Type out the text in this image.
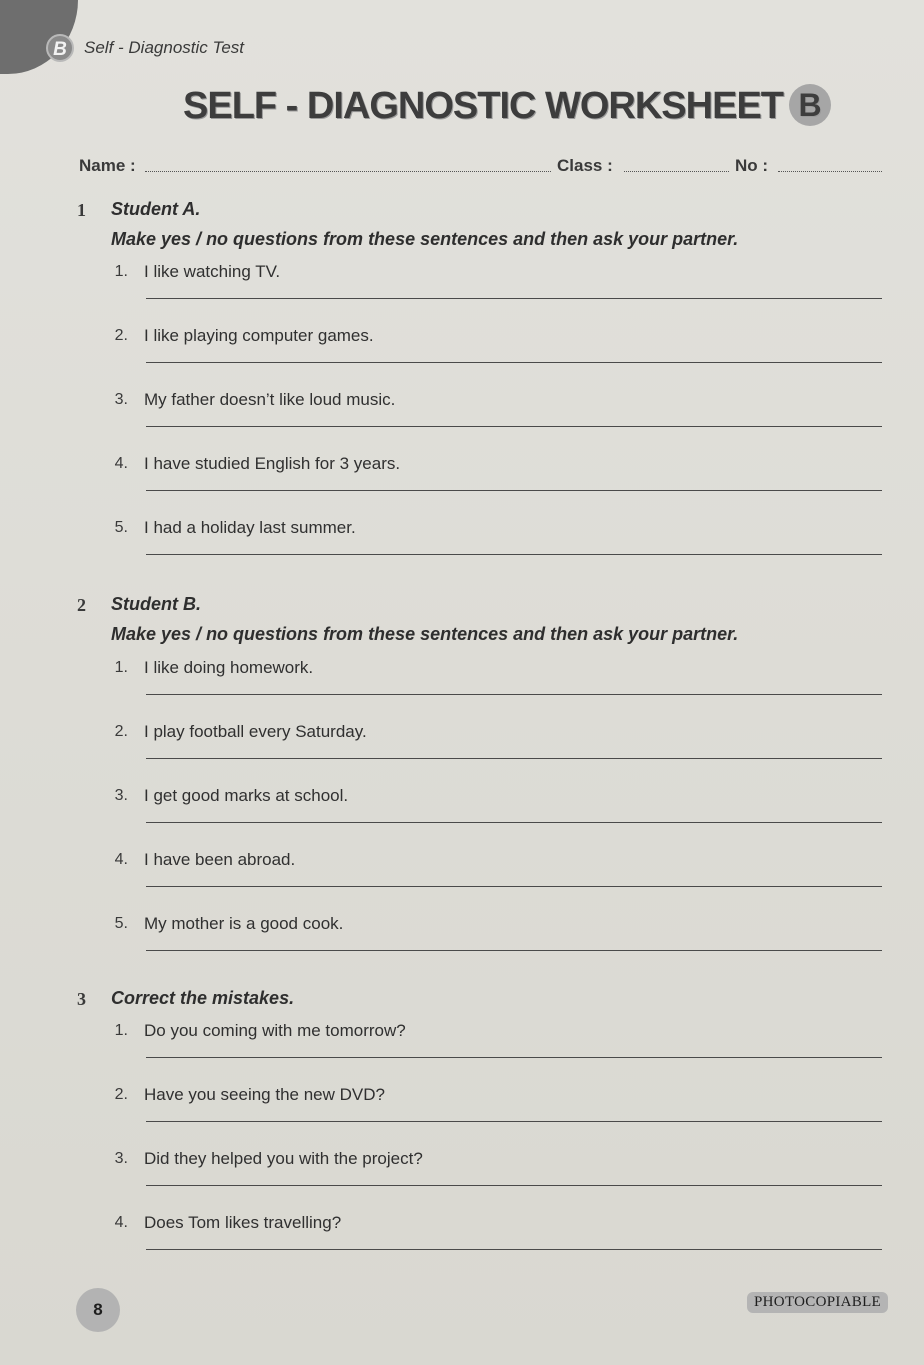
B	Self - Diagnostic Test
SELF - DIAGNOSTIC WORKSHEET B
Name :	Class :	No :
1 Student A.
Make yes / no questions from these sentences and then ask your partner.
1. I like watching TV.
2. I like playing computer games.
3. My father doesn’t like loud music.
4. I have studied English for 3 years.
5. I had a holiday last summer.
2 Student B.
Make yes / no questions from these sentences and then ask your partner.
1. I like doing homework.
2. I play football every Saturday.
3. I get good marks at school.
4. I have been abroad.
5. My mother is a good cook.
3 Correct the mistakes.
1. Do you coming with me tomorrow?
2. Have you seeing the new DVD?
3. Did they helped you with the project?
4. Does Tom likes travelling?
8	PHOTOCOPIABLE
